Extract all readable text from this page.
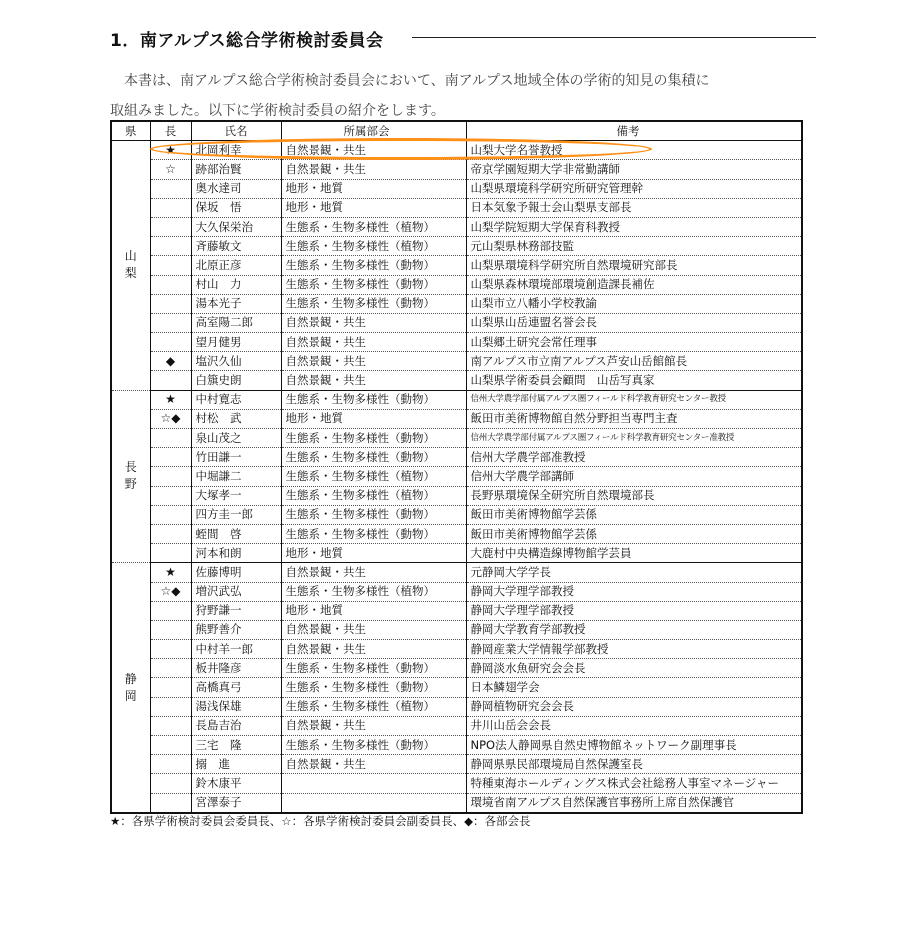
1．南アルプス総合学術検討委員会

本書は、南アルプス総合学術検討委員会において、南アルプス地域全体の学術的知見の集積に

取組みました。以下に学術検討委員の紹介をします。

県	長	氏名	所属部会	備考

山
梨	★	北岡利幸	自然景観・共生	山梨大学名誉教授
	☆	跡部治賢	自然景観・共生	帝京学園短期大学非常勤講師
		奥水達司	地形・地質	山梨県環境科学研究所研究管理幹
		保坂　悟	地形・地質	日本気象予報士会山梨県支部長
		大久保栄治	生態系・生物多様性（植物）	山梨学院短期大学保育科教授
		斉藤敏文	生態系・生物多様性（植物）	元山梨県林務部技監
		北原正彦	生態系・生物多様性（動物）	山梨県環境科学研究所自然環境研究部長
		村山　力	生態系・生物多様性（動物）	山梨県森林環境部環境創造課長補佐
		湯本光子	生態系・生物多様性（動物）	山梨市立八幡小学校教諭
		高室陽二郎	自然景観・共生	山梨県山岳連盟名誉会長
		望月健男	自然景観・共生	山梨郷土研究会常任理事
	◆	塩沢久仙	自然景観・共生	南アルプス市立南アルプス芦安山岳館館長
		白簱史朗	自然景観・共生	山梨県学術委員会顧問　山岳写真家

長
野	★	中村寛志	生態系・生物多様性（動物）	信州大学農学部付属アルプス圏フィールド科学教育研究センター教授
	☆◆	村松　武	地形・地質	飯田市美術博物館自然分野担当専門主査
		泉山茂之	生態系・生物多様性（動物）	信州大学農学部付属アルプス圏フィールド科学教育研究センター准教授
		竹田謙一	生態系・生物多様性（動物）	信州大学農学部准教授
		中堀謙二	生態系・生物多様性（植物）	信州大学農学部講師
		大塚孝一	生態系・生物多様性（植物）	長野県環境保全研究所自然環境部長
		四方圭一郎	生態系・生物多様性（動物）	飯田市美術博物館学芸係
		蛭間　啓	生態系・生物多様性（動物）	飯田市美術博物館学芸係
		河本和朗	地形・地質	大鹿村中央構造線博物館学芸員

静
岡	★	佐藤博明	自然景観・共生	元静岡大学学長
	☆◆	増沢武弘	生態系・生物多様性（植物）	静岡大学理学部教授
		狩野謙一	地形・地質	静岡大学理学部教授
		熊野善介	自然景観・共生	静岡大学教育学部教授
		中村羊一郎	自然景観・共生	静岡産業大学情報学部教授
		板井隆彦	生態系・生物多様性（動物）	静岡淡水魚研究会会長
		高橋真弓	生態系・生物多様性（動物）	日本鱗翅学会
		湯浅保雄	生態系・生物多様性（植物）	静岡植物研究会会長
		長島吉治	自然景観・共生	井川山岳会会長
		三宅　隆	生態系・生物多様性（動物）	NPO法人静岡県自然史博物館ネットワーク副理事長
		搦　進	自然景観・共生	静岡県県民部環境局自然保護室長
		鈴木康平		特種東海ホールディングス株式会社総務人事室マネージャー
		宮澤泰子		環境省南アルプス自然保護官事務所上席自然保護官
★：各県学術検討委員会委員長、☆：各県学術検討委員会副委員長、◆：各部会長
